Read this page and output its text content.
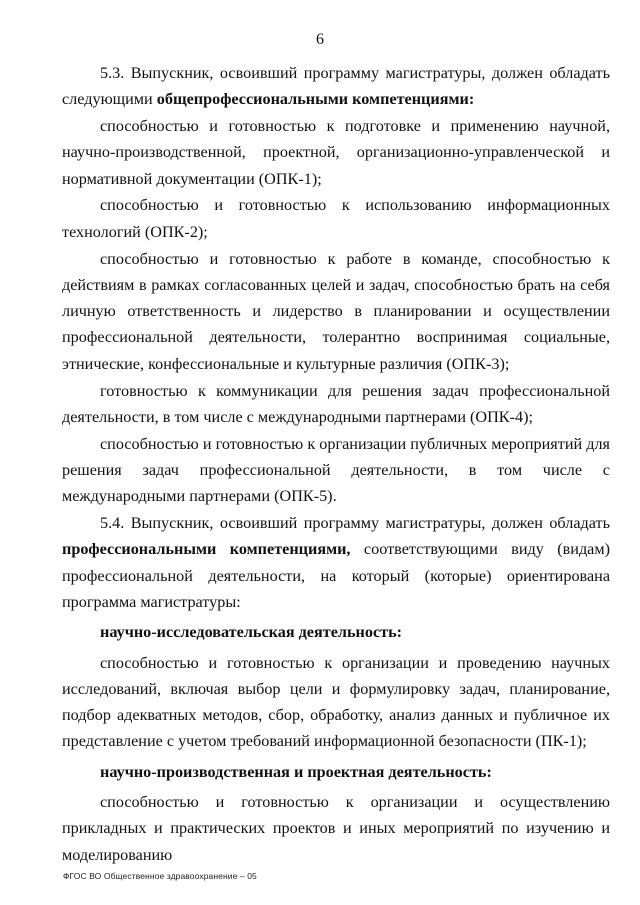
6

5.3. Выпускник, освоивший программу магистратуры, должен обладать следующими общепрофессиональными компетенциями:

способностью и готовностью к подготовке и применению научной, научно-производственной, проектной, организационно-управленческой и нормативной документации (ОПК-1);

способностью и готовностью к использованию информационных технологий (ОПК-2);

способностью и готовностью к работе в команде, способностью к действиям в рамках согласованных целей и задач, способностью брать на себя личную ответственность и лидерство в планировании и осуществлении профессиональной деятельности, толерантно воспринимая социальные, этнические, конфессиональные и культурные различия (ОПК-3);

готовностью к коммуникации для решения задач профессиональной деятельности, в том числе с международными партнерами (ОПК-4);

способностью и готовностью к организации публичных мероприятий для решения задач профессиональной деятельности, в том числе с международными партнерами (ОПК-5).

5.4. Выпускник, освоивший программу магистратуры, должен обладать профессиональными компетенциями, соответствующими виду (видам) профессиональной деятельности, на который (которые) ориентирована программа магистратуры:

научно-исследовательская деятельность:

способностью и готовностью к организации и проведению научных исследований, включая выбор цели и формулировку задач, планирование, подбор адекватных методов, сбор, обработку, анализ данных и публичное их представление с учетом требований информационной безопасности (ПК-1);

научно-производственная и проектная деятельность:

способностью и готовностью к организации и осуществлению прикладных и практических проектов и иных мероприятий по изучению и моделированию

ФГОС ВО Общественное здравоохранение – 05
